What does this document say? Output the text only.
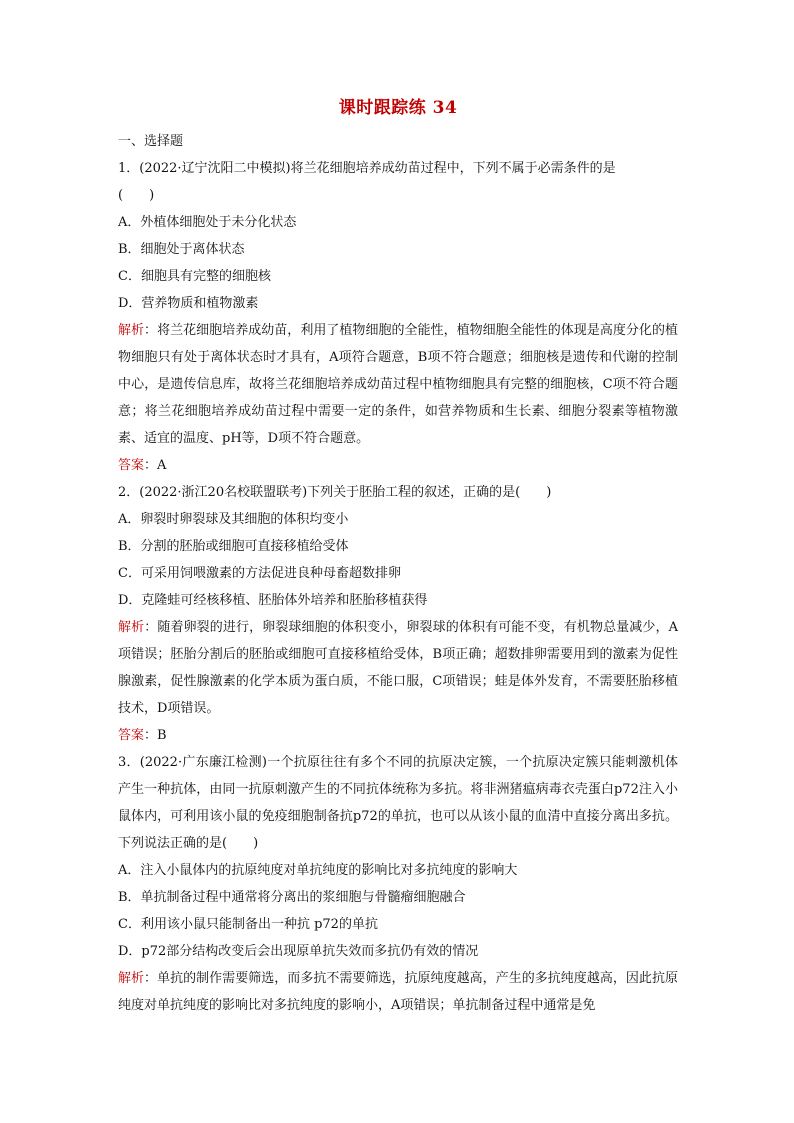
课时跟踪练 34
一、选择题
1．(2022·辽宁沈阳二中模拟)将兰花细胞培养成幼苗过程中，下列不属于必需条件的是
(　　)
A．外植体细胞处于未分化状态
B．细胞处于离体状态
C．细胞具有完整的细胞核
D．营养物质和植物激素
解析：将兰花细胞培养成幼苗，利用了植物细胞的全能性，植物细胞全能性的体现是高度分化的植物细胞只有处于离体状态时才具有，A项符合题意，B项不符合题意；细胞核是遗传和代谢的控制中心，是遗传信息库，故将兰花细胞培养成幼苗过程中植物细胞具有完整的细胞核，C项不符合题意；将兰花细胞培养成幼苗过程中需要一定的条件，如营养物质和生长素、细胞分裂素等植物激素、适宜的温度、pH等，D项不符合题意。
答案：A
2．(2022·浙江20名校联盟联考)下列关于胚胎工程的叙述，正确的是(　　)
A．卵裂时卵裂球及其细胞的体积均变小
B．分割的胚胎或细胞可直接移植给受体
C．可采用饲喂激素的方法促进良种母畜超数排卵
D．克隆蛙可经核移植、胚胎体外培养和胚胎移植获得
解析：随着卵裂的进行，卵裂球细胞的体积变小，卵裂球的体积有可能不变，有机物总量减少，A项错误；胚胎分割后的胚胎或细胞可直接移植给受体，B项正确；超数排卵需要用到的激素为促性腺激素，促性腺激素的化学本质为蛋白质，不能口服，C项错误；蛙是体外发育，不需要胚胎移植技术，D项错误。
答案：B
3．(2022·广东廉江检测)一个抗原往往有多个不同的抗原决定簇，一个抗原决定簇只能刺激机体产生一种抗体，由同一抗原刺激产生的不同抗体统称为多抗。将非洲猪瘟病毒衣壳蛋白p72注入小鼠体内，可利用该小鼠的免疫细胞制备抗p72的单抗，也可以从该小鼠的血清中直接分离出多抗。下列说法正确的是(　　)
A．注入小鼠体内的抗原纯度对单抗纯度的影响比对多抗纯度的影响大
B．单抗制备过程中通常将分离出的浆细胞与骨髓瘤细胞融合
C．利用该小鼠只能制备出一种抗 p72的单抗
D．p72部分结构改变后会出现原单抗失效而多抗仍有效的情况
解析：单抗的制作需要筛选，而多抗不需要筛选，抗原纯度越高，产生的多抗纯度越高，因此抗原纯度对单抗纯度的影响比对多抗纯度的影响小，A项错误；单抗制备过程中通常是免
